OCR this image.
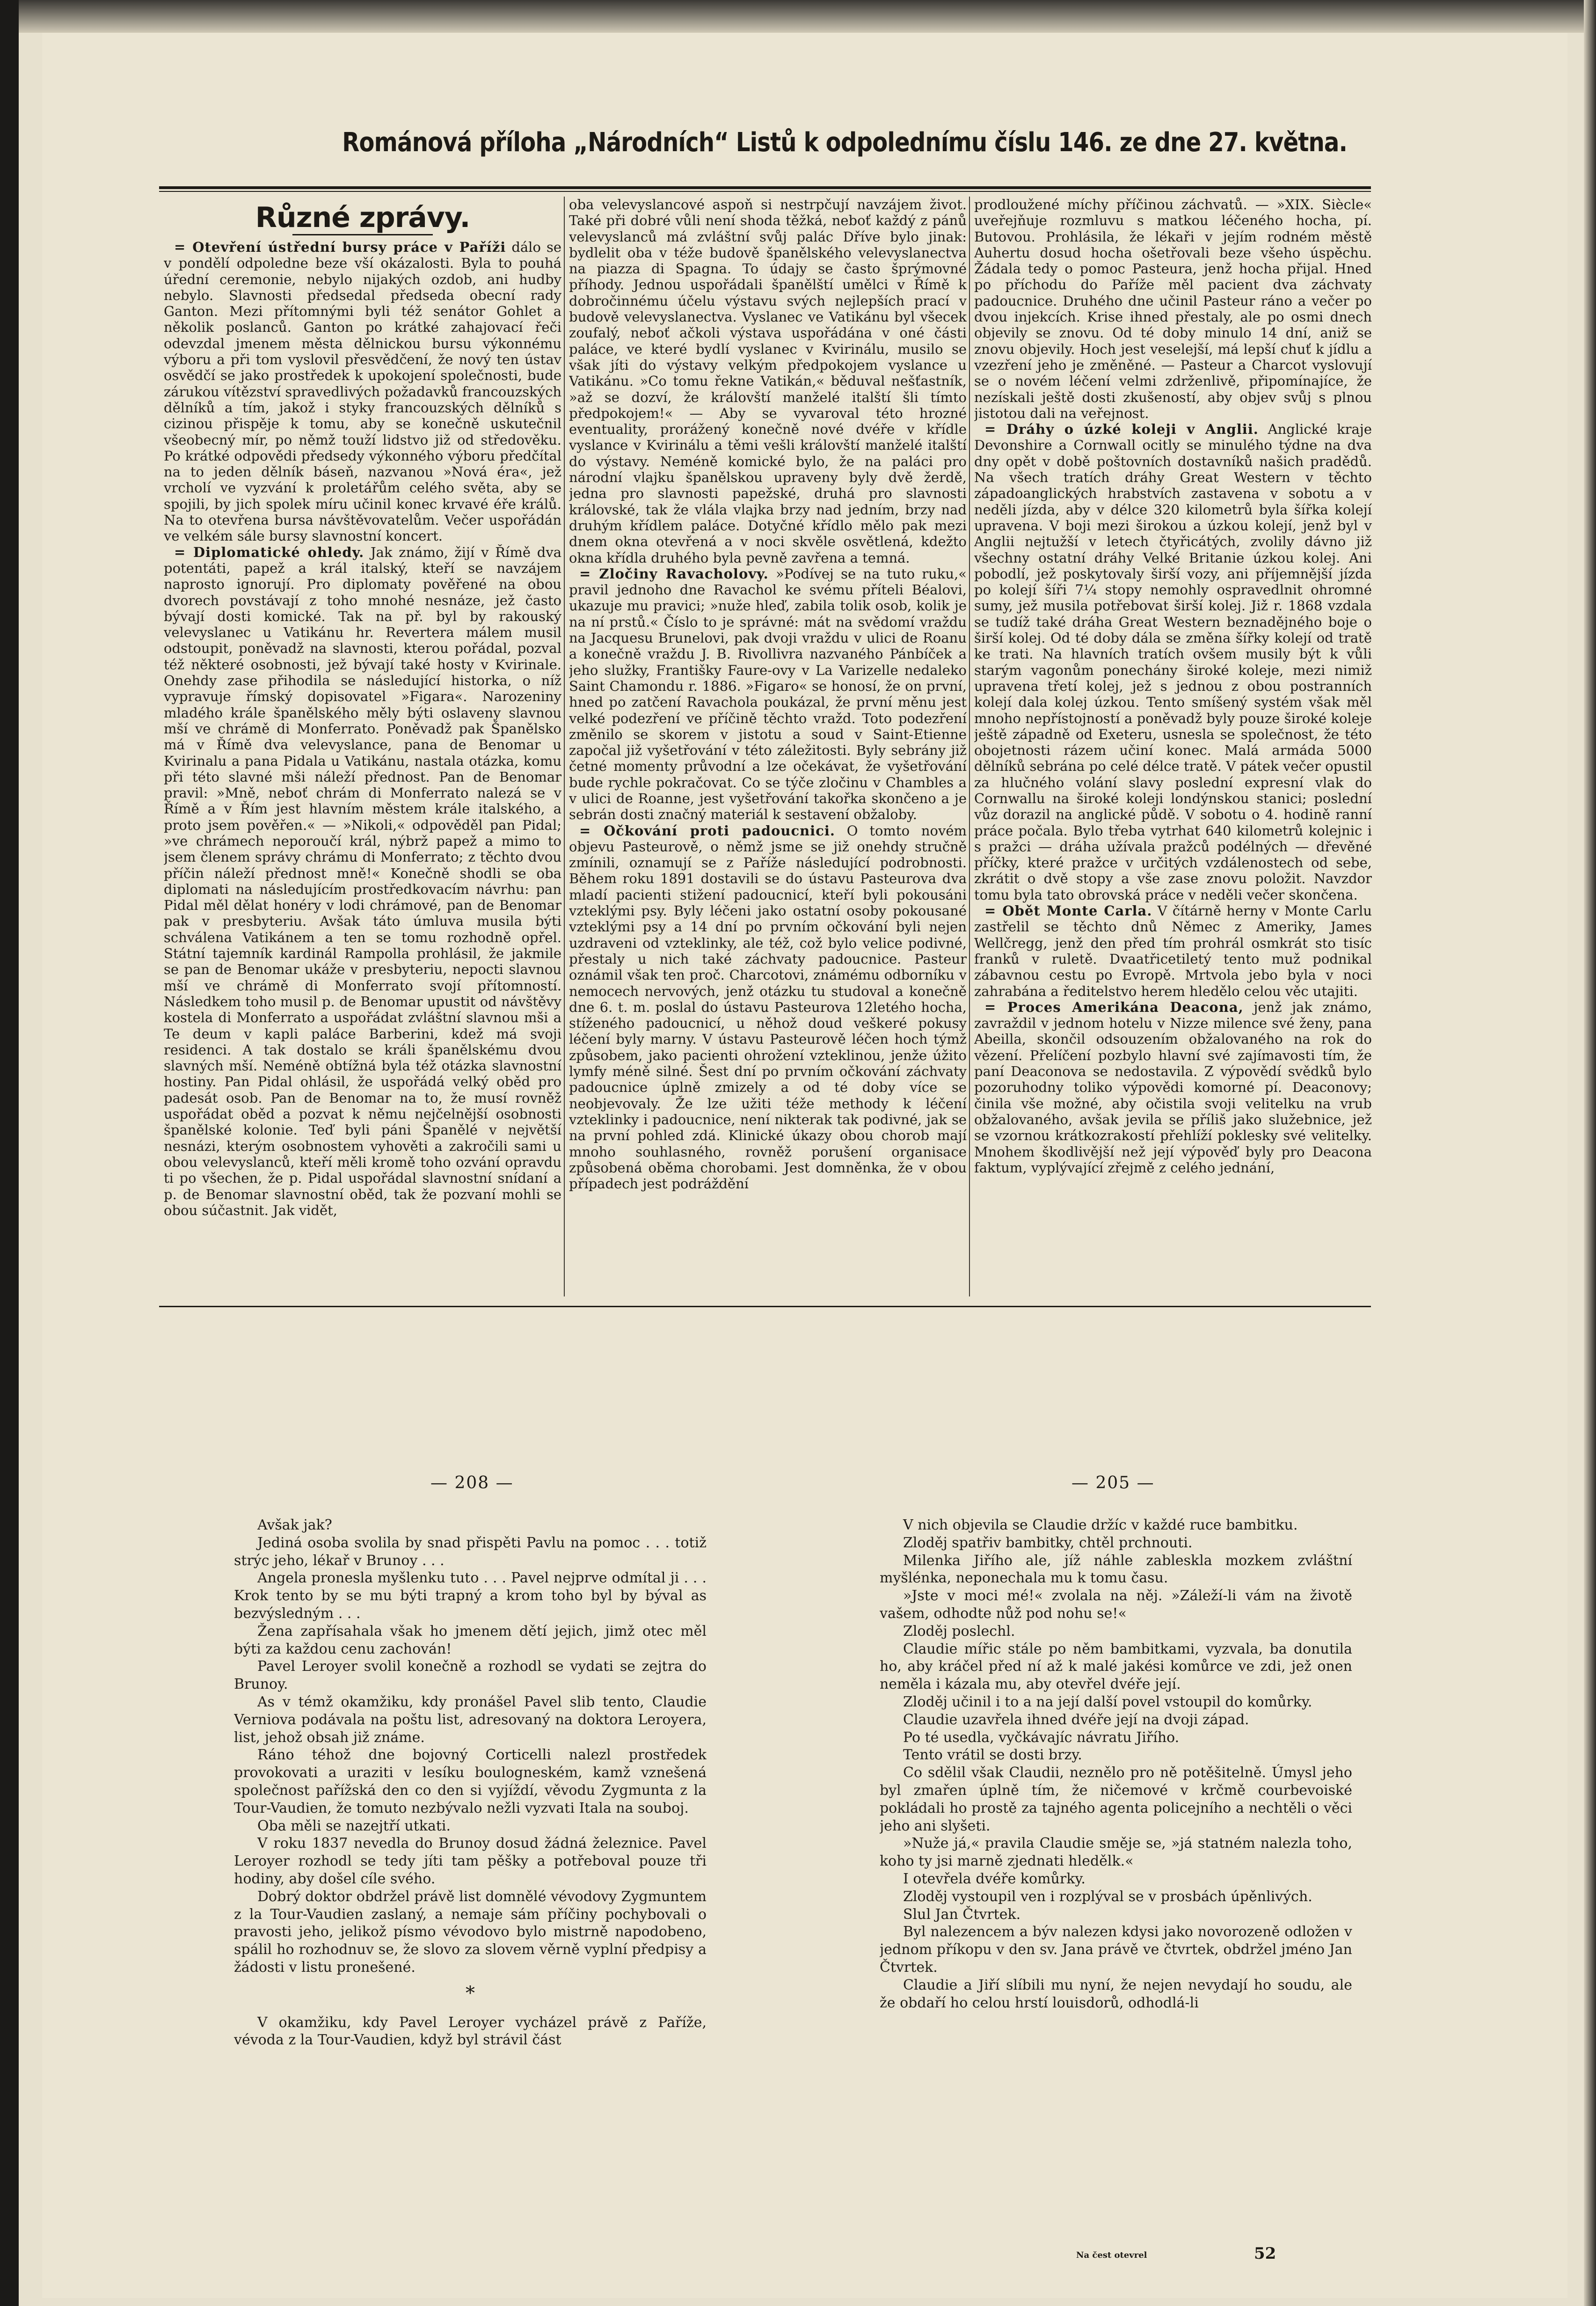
Románová příloha „Národních“ Listů k odpolednímu číslu 146. ze dne 27. května.
Různé zprávy.

= Otevření ústřední bursy práce v Paříži dálo se v pondělí odpoledne beze vší okázalosti. Byla to pouhá úřední ceremonie, nebylo nijakých ozdob, ani hudby nebylo. Slavnosti předsedal předseda obecní rady Ganton. Mezi přítomnými byli též senátor Gohlet a několik poslanců. Ganton po krátké zahajovací řeči odevzdal jmenem města dělnickou bursu výkonnému výboru a při tom vyslovil přesvědčení, že nový ten ústav osvědčí se jako prostředek k upokojení společnosti, bude zárukou vítězství spravedlivých požadavků francouzských dělníků a tím, jakož i styky francouzských dělníků s cizinou přispěje k tomu, aby se konečně uskutečnil všeobecný mír, po němž touží lidstvo již od středověku. Po krátké odpovědi předsedy výkonného výboru předčítal na to jeden dělník báseň, nazvanou »Nová éra«, jež vrcholí ve vyzvání k proletářům celého světa, aby se spojili, by jich spolek míru učinil konec krvavé éře králů. Na to otevřena bursa návštěvovatelům. Večer uspořádán ve velkém sále bursy slavnostní koncert.

= Diplomatické ohledy. Jak známo, žijí v Římě dva potentáti, papež a král italský, kteří se navzájem naprosto ignorují. Pro diplomaty pověřené na obou dvorech povstávají z toho mnohé nesnáze, jež často bývají dosti komické. Tak na př. byl by rakouský velevyslanec u Vatikánu hr. Revertera málem musil odstoupit, poněvadž na slavnosti, kterou pořádal, pozval též některé osobnosti, jež bývají také hosty v Kvirinale. Onehdy zase přihodila se následující historka, o níž vypravuje římský dopisovatel »Figara«. Narozeniny mladého krále španělského měly býti oslaveny slavnou mší ve chrámě di Monferrato. Poněvadž pak Španělsko má v Římě dva velevyslance, pana de Benomar u Kvirinalu a pana Pidala u Vatikánu, nastala otázka, komu při této slavné mši náleží přednost. Pan de Benomar pravil: »Mně, neboť chrám di Monferrato nalezá se v Římě a v Řím jest hlavním městem krále italského, a proto jsem pověřen.« — »Nikoli,« odpověděl pan Pidal; »ve chrámech neporoučí král, nýbrž papež a mimo to jsem členem správy chrámu di Monferrato; z těchto dvou příčin náleží přednost mně!« Konečně shodli se oba diplomati na následujícím prostředkovacím návrhu: pan Pidal měl dělat honéry v lodi chrámové, pan de Benomar pak v presbyteriu. Avšak táto úmluva musila býti schválena Vatikánem a ten se tomu rozhodně opřel. Státní tajemník kardinál Rampolla prohlásil, že jakmile se pan de Benomar ukáže v presbyteriu, nepocti slavnou mší ve chrámě di Monferrato svojí přítomností. Následkem toho musil p. de Benomar upustit od návštěvy kostela di Monferrato a uspořádat zvláštní slavnou mši a Te deum v kapli paláce Barberini, kdež má svoji residenci. A tak dostalo se králi španělskému dvou slavných mší. Neméně obtížná byla též otázka slavnostní hostiny. Pan Pidal ohlásil, že uspořádá velký oběd pro padesát osob. Pan de Benomar na to, že musí rovněž uspořádat oběd a pozvat k němu nejčelnější osobnosti španělské kolonie. Teď byli páni Španělé v největší nesnázi, kterým osobnostem vyhověti a zakročili sami u obou velevyslanců, kteří měli kromě toho ozvání opravdu ti po všechen, že p. Pidal uspořádal slavnostní snídaní a p. de Benomar slavnostní oběd, tak že pozvaní mohli se obou súčastnit. Jak vidět,

oba velevyslancové aspoň si nestrpčují navzájem život. Také při dobré vůli není shoda těžká, neboť každý z pánů velevyslanců má zvláštní svůj palác Dříve bylo jinak: bydlelit oba v téže budově španělského velevyslanectva na piazza di Spagna. To údajy se často šprýmovné příhody. Jednou uspořádali španělští umělci v Římě k dobročinnému účelu výstavu svých nejlepších prací v budově velevyslanectva. Vyslanec ve Vatikánu byl všecek zoufalý, neboť ačkoli výstava uspořádána v oné části paláce, ve které bydlí vyslanec v Kvirinálu, musilo se však jíti do výstavy velkým předpokojem vyslance u Vatikánu. »Co tomu řekne Vatikán,« běduval nešťastník, »až se dozví, že královští manželé italští šli tímto předpokojem!« — Aby se vyvaroval této hrozné eventuality, prorážený konečně nové dvéře v křídle vyslance v Kvirinálu a těmi vešli královští manželé italští do výstavy. Neméně komické bylo, že na paláci pro národní vlajku španělskou upraveny byly dvě žerdě, jedna pro slavnosti papežské, druhá pro slavnosti královské, tak že vlála vlajka brzy nad jedním, brzy nad druhým křídlem paláce. Dotyčné křídlo mělo pak mezi dnem okna otevřená a v noci skvěle osvětlená, kdežto okna křídla druhého byla pevně zavřena a temná.

= Zločiny Ravacholovy. »Podívej se na tuto ruku,« pravil jednoho dne Ravachol ke svému příteli Béalovi, ukazuje mu pravici; »nuže hleď, zabila tolik osob, kolik je na ní prstů.« Číslo to je správné: mát na svědomí vraždu na Jacquesu Brunelovi, pak dvoji vraždu v ulici de Roanu a konečně vraždu J. B. Rivollivra nazvaného Pánbíček a jeho služky, Františky Faure-ovy v La Varizelle nedaleko Saint Chamondu r. 1886. »Figaro« se honosí, že on první, hned po zatčení Ravachola poukázal, že první měnu jest velké podezření ve příčině těchto vražd. Toto podezření změnilo se skorem v jistotu a soud v Saint-Etienne započal již vyšetřování v této záležitosti. Byly sebrány již četné momenty průvodní a lze očekávat, že vyšetřování bude rychle pokračovat. Co se týče zločinu v Chambles a v ulici de Roanne, jest vyšetřování takořka skončeno a je sebrán dosti značný materiál k sestavení obžaloby.

= Očkování proti padoucnici. O tomto novém objevu Pasteurově, o němž jsme se již onehdy stručně zmínili, oznamují se z Paříže následující podrobnosti. Během roku 1891 dostavili se do ústavu Pasteurova dva mladí pacienti stižení padoucnicí, kteří byli pokousáni vzteklými psy. Byly léčeni jako ostatní osoby pokousané vzteklými psy a 14 dní po prvním očkování byli nejen uzdraveni od vzteklinky, ale též, což bylo velice podivné, přestaly u nich také záchvaty padoucnice. Pasteur oznámil však ten proč. Charcotovi, známému odborníku v nemocech nervových, jenž otázku tu studoval a konečně dne 6. t. m. poslal do ústavu Pasteurova 12letého hocha, stíženého padoucnicí, u něhož doud veškeré pokusy léčení byly marny. V ústavu Pasteurově léčen hoch týmž způsobem, jako pacienti ohrožení vzteklinou, jenže úžito lymfy méně silné. Šest dní po prvním očkování záchvaty padoucnice úplně zmizely a od té doby více se neobjevovaly. Že lze užiti téže methody k léčení vzteklinky i padoucnice, není nikterak tak podivné, jak se na první pohled zdá. Klinické úkazy obou chorob mají mnoho souhlasného, rovněž porušení organisace způsobená oběma chorobami. Jest domněnka, že v obou případech jest podráždění

prodloužené míchy příčinou záchvatů. — »XIX. Siècle« uveřejňuje rozmluvu s matkou léčeného hocha, pí. Butovou. Prohlásila, že lékaři v jejím rodném městě Auhertu dosud hocha ošetřovali beze všeho úspěchu. Žádala tedy o pomoc Pasteura, jenž hocha přijal. Hned po příchodu do Paříže měl pacient dva záchvaty padoucnice. Druhého dne učinil Pasteur ráno a večer po dvou injekcích. Krise ihned přestaly, ale po osmi dnech objevily se znovu. Od té doby minulo 14 dní, aniž se znovu objevily. Hoch jest veselejší, má lepší chuť k jídlu a vzezření jeho je změněné. — Pasteur a Charcot vyslovují se o novém léčení velmi zdrženlivě, připomínajíce, že nezískali ještě dosti zkušeností, aby objev svůj s plnou jistotou dali na veřejnost.

= Dráhy o úzké koleji v Anglii. Anglické kraje Devonshire a Cornwall ocitly se minulého týdne na dva dny opět v době poštovních dostavníků našich pradědů. Na všech tratích dráhy Great Western v těchto západoanglických hrabstvích zastavena v sobotu a v neděli jízda, aby v délce 320 kilometrů byla šířka kolejí upravena. V boji mezi širokou a úzkou kolejí, jenž byl v Anglii nejtužší v letech čtyřicátých, zvolily dávno již všechny ostatní dráhy Velké Britanie úzkou kolej. Ani pobodlí, jež poskytovaly širší vozy, ani příjemnější jízda po kolejí šíři 7¼ stopy nemohly ospravedlnit ohromné sumy, jež musila potřebovat širší kolej. Již r. 1868 vzdala se tudíž také dráha Great Western beznadějného boje o širší kolej. Od té doby dála se změna šířky kolejí od tratě ke trati. Na hlavních tratích ovšem musily být k vůli starým vagonům ponechány široké koleje, mezi nimiž upravena třetí kolej, jež s jednou z obou postranních kolejí dala kolej úzkou. Tento smíšený systém však měl mnoho nepřístojností a poněvadž byly pouze široké koleje ještě západně od Exeteru, usnesla se společnost, že této obojetnosti rázem učiní konec. Malá armáda 5000 dělníků sebrána po celé délce tratě. V pátek večer opustil za hlučného volání slavy poslední expresní vlak do Cornwallu na široké koleji londýnskou stanici; poslední vůz dorazil na anglické půdě. V sobotu o 4. hodině ranní práce počala. Bylo třeba vytrhat 640 kilometrů kolejnic i s pražci — dráha užívala pražců podélných — dřevěné příčky, které pražce v určitých vzdálenostech od sebe, zkrátit o dvě stopy a vše zase znovu položit. Navzdor tomu byla tato obrovská práce v neděli večer skončena.

= Obět Monte Carla. V čítárně herny v Monte Carlu zastřelil se těchto dnů Němec z Ameriky, James Wellčregg, jenž den před tím prohrál osmkrát sto tisíc franků v ruletě. Dvaatřicetiletý tento muž podnikal zábavnou cestu po Evropě. Mrtvola jebo byla v noci zahrabána a ředitelstvo herem hledělo celou věc utajiti.

= Proces Amerikána Deacona, jenž jak známo, zavraždil v jednom hotelu v Nizze milence své ženy, pana Abeilla, skončil odsouzením obžalovaného na rok do vězení. Přelíčení pozbylo hlavní své zajímavosti tím, že paní Deaconova se nedostavila. Z výpovědí svědků bylo pozoruhodny toliko výpovědi komorné pí. Deaconovy; činila vše možné, aby očistila svoji velitelku na vrub obžalovaného, avšak jevila se příliš jako služebnice, jež se vzornou krátkozrakostí přehlíží poklesky své velitelky. Mnohem škodlivější než její výpověď byly pro Deacona faktum, vyplývající zřejmě z celého jednání,

— 208 —	— 205 —

Avšak jak?

Jediná osoba svolila by snad přispěti Pavlu na pomoc . . . totiž strýc jeho, lékař v Brunoy . . .

Angela pronesla myšlenku tuto . . . Pavel nejprve odmítal ji . . . Krok tento by se mu býti trapný a krom toho byl by býval as bezvýsledným . . .

Žena zapřísahala však ho jmenem dětí jejich, jimž otec měl býti za každou cenu zachován!

Pavel Leroyer svolil konečně a rozhodl se vydati se zejtra do Brunoy.

As v témž okamžiku, kdy pronášel Pavel slib tento, Claudie Verniova podávala na poštu list, adresovaný na doktora Leroyera, list, jehož obsah již známe.

Ráno téhož dne bojovný Corticelli nalezl prostředek provokovati a uraziti v lesíku boulogneském, kamž vznešená společnost pařížská den co den si vyjíždí, věvodu Zygmunta z la Tour-Vaudien, že tomuto nezbývalo nežli vyzvati Itala na souboj.

Oba měli se nazejtří utkati.

V roku 1837 nevedla do Brunoy dosud žádná železnice. Pavel Leroyer rozhodl se tedy jíti tam pěšky a potřeboval pouze tři hodiny, aby došel cíle svého.

Dobrý doktor obdržel právě list domnělé vévodovy Zygmuntem z la Tour-Vaudien zaslaný, a nemaje sám příčiny pochybovali o pravosti jeho, jelikož písmo vévodovo bylo mistrně napodobeno, spálil ho rozhodnuv se, že slovo za slovem věrně vyplní předpisy a žádosti v listu pronešené.

*

V okamžiku, kdy Pavel Leroyer vycházel právě z Paříže, vévoda z la Tour-Vaudien, když byl strávil část

V nich objevila se Claudie držíc v každé ruce bambitku.

Zloděj spatřiv bambitky, chtěl prchnouti.

Milenka Jiřího ale, jíž náhle zableskla mozkem zvláštní myšlénka, neponechala mu k tomu času.

»Jste v moci mé!« zvolala na něj. »Záleží-li vám na životě vašem, odhodte nůž pod nohu se!«

Zloděj poslechl.

Claudie mířic stále po něm bambitkami, vyzvala, ba donutila ho, aby kráčel před ní až k malé jakési komůrce ve zdi, jež onen neměla i kázala mu, aby otevřel dvéře její.

Zloděj učinil i to a na její další povel vstoupil do komůrky.

Claudie uzavřela ihned dvéře její na dvoji západ.

Po té usedla, vyčkávajíc návratu Jiřího.

Tento vrátil se dosti brzy.

Co sdělil však Claudii, neznělo pro ně potěšitelně. Úmysl jeho byl zmařen úplně tím, že ničemové v krčmě courbevoiské pokládali ho prostě za tajného agenta policejního a nechtěli o věci jeho ani slyšeti.

»Nuže já,« pravila Claudie směje se, »já statném nalezla toho, koho ty jsi marně zjednati hledělk.«

I otevřela dvéře komůrky.

Zloděj vystoupil ven i rozplýval se v prosbách úpěnlivých.

Slul Jan Čtvrtek.

Byl nalezencem a býv nalezen kdysi jako novorozeně odložen v jednom příkopu v den sv. Jana právě ve čtvrtek, obdržel jméno Jan Čtvrtek.

Claudie a Jiří slíbili mu nyní, že nejen nevydají ho soudu, ale že obdaří ho celou hrstí louisdorů, odhodlá-li

Na čest otevrel	52
